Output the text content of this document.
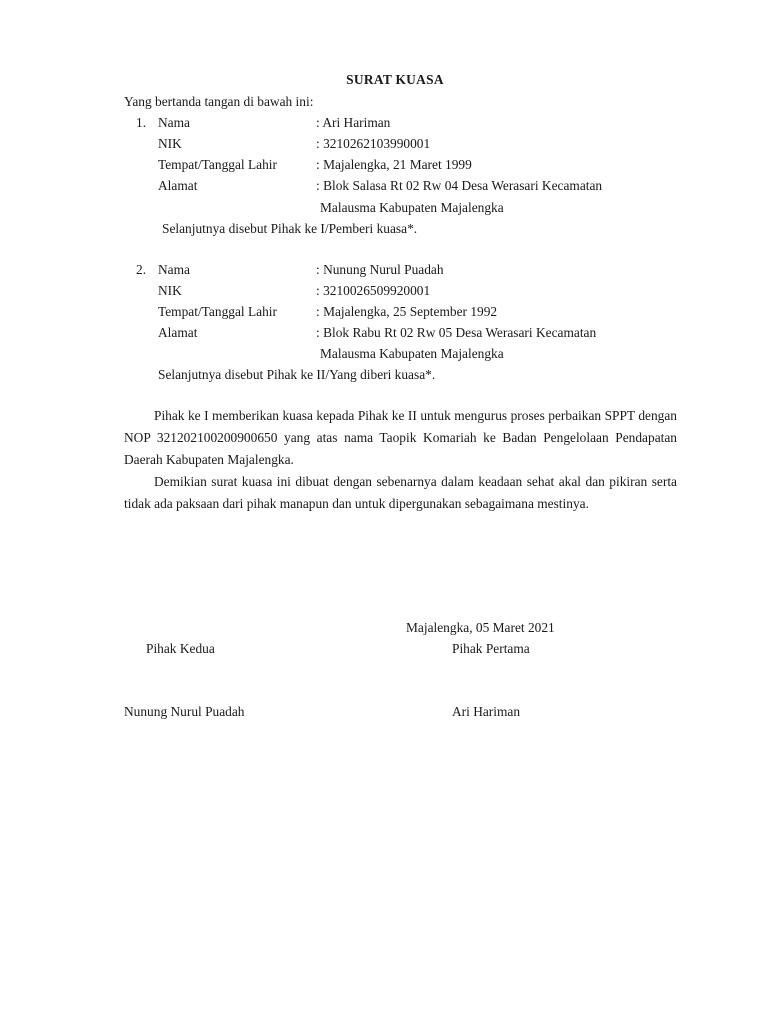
SURAT KUASA
Yang bertanda tangan di bawah ini:
1. Nama	: Ari Hariman
NIK	: 3210262103990001
Tempat/Tanggal Lahir	: Majalengka, 21 Maret 1999
Alamat	: Blok Salasa Rt 02 Rw 04 Desa Werasari Kecamatan
Malausma Kabupaten Majalengka
Selanjutnya disebut Pihak ke I/Pemberi kuasa*.
2. Nama	: Nunung Nurul Puadah
NIK	: 3210026509920001
Tempat/Tanggal Lahir	: Majalengka, 25 September 1992
Alamat	: Blok Rabu Rt 02 Rw 05 Desa Werasari Kecamatan
Malausma Kabupaten Majalengka
Selanjutnya disebut Pihak ke II/Yang diberi kuasa*.
Pihak ke I memberikan kuasa kepada Pihak ke II untuk mengurus proses perbaikan SPPT dengan NOP 321202100200900650 yang atas nama Taopik Komariah ke Badan Pengelolaan Pendapatan Daerah Kabupaten Majalengka.
Demikian surat kuasa ini dibuat dengan sebenarnya dalam keadaan sehat akal dan pikiran serta tidak ada paksaan dari pihak manapun dan untuk dipergunakan sebagaimana mestinya.
Majalengka, 05 Maret 2021
Pihak Kedua	Pihak Pertama
Nunung Nurul Puadah	Ari Hariman
